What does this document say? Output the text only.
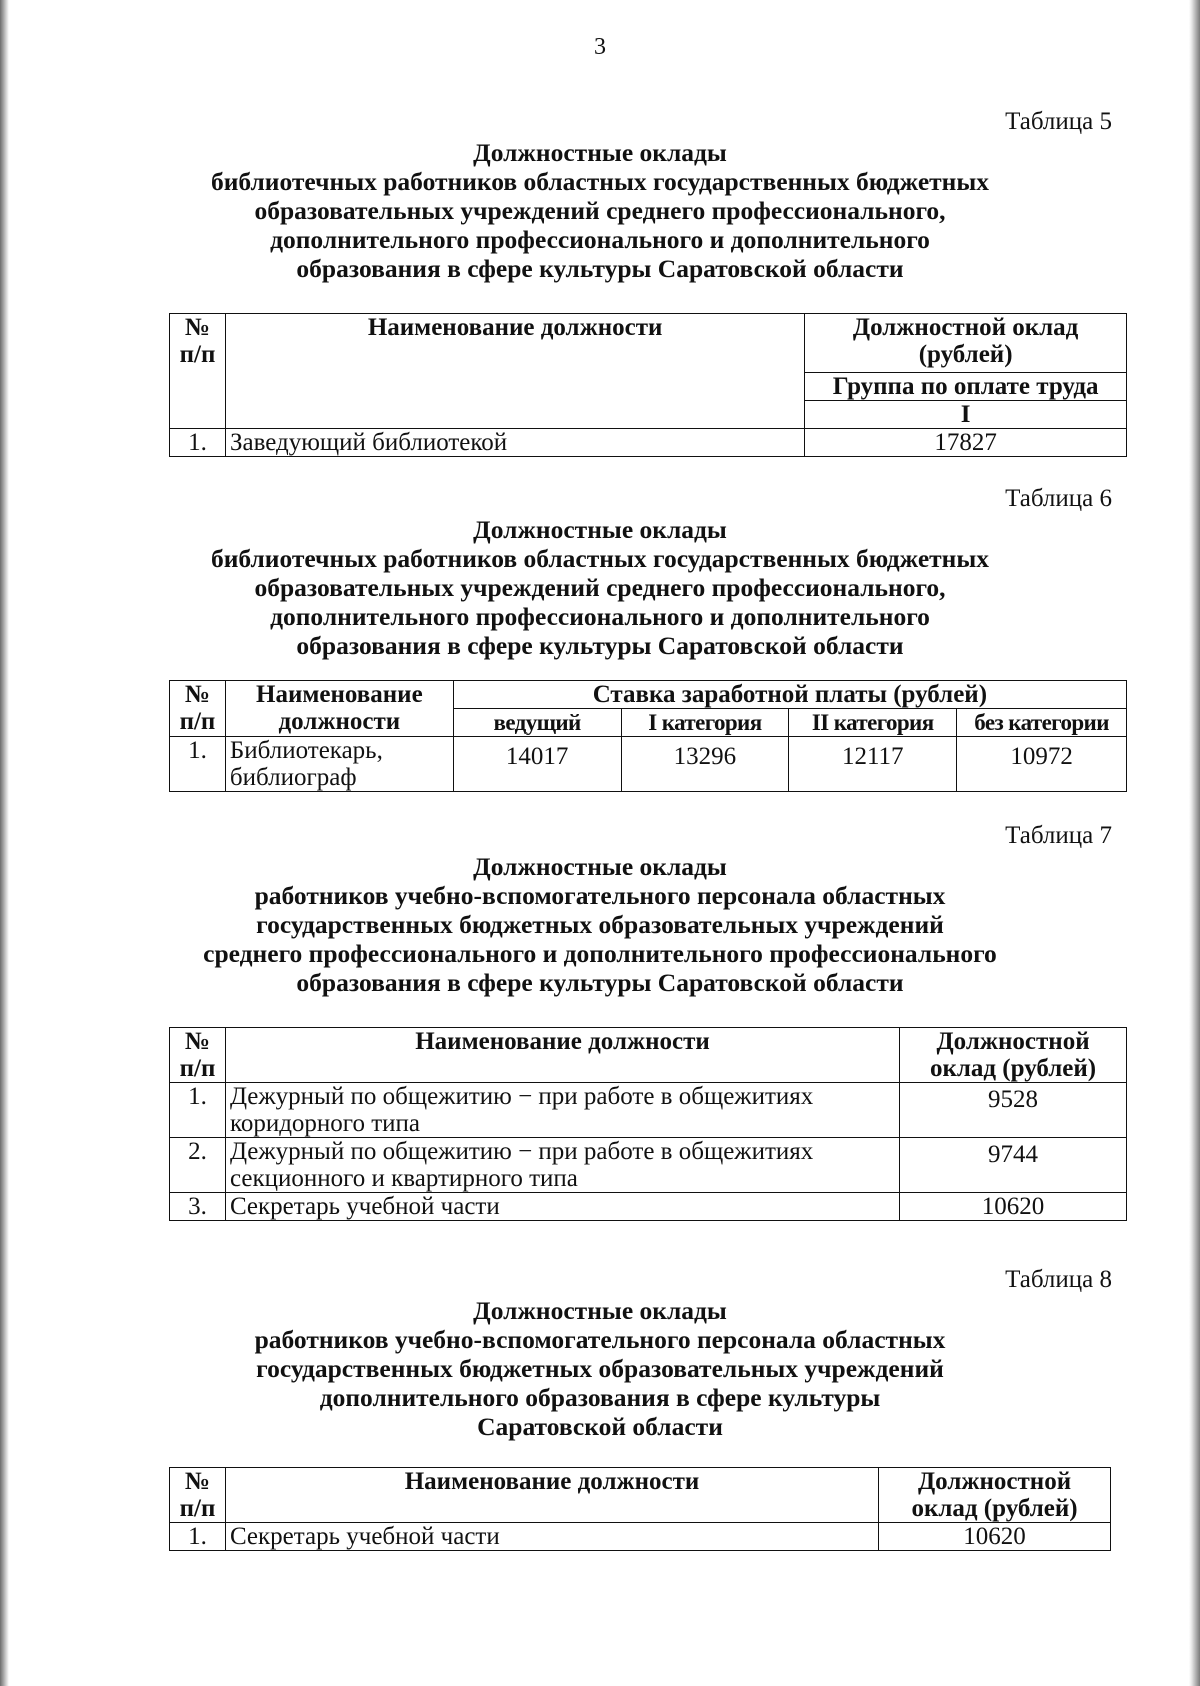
3
Таблица 5
Должностные оклады
библиотечных работников областных государственных бюджетных
образовательных учреждений среднего профессионального,
дополнительного профессионального и дополнительного
образования в сфере культуры Саратовской области
№ п/п	Наименование должности	Должностной оклад (рублей)
		Группа по оплате труда
		I
1.	Заведующий библиотекой	17827
Таблица 6
Должностные оклады
библиотечных работников областных государственных бюджетных
образовательных учреждений среднего профессионального,
дополнительного профессионального и дополнительного
образования в сфере культуры Саратовской области
№ п/п	Наименование должности	Ставка заработной платы (рублей)			
		ведущий	I категория	II категория	без категории
1.	Библиотекарь, библиограф	14017	13296	12117	10972
Таблица 7
Должностные оклады
работников учебно-вспомогательного персонала областных
государственных бюджетных образовательных учреждений
среднего профессионального и дополнительного профессионального
образования в сфере культуры Саратовской области
№ п/п	Наименование должности	Должностной оклад (рублей)
1.	Дежурный по общежитию − при работе в общежитиях коридорного типа	9528
2.	Дежурный по общежитию − при работе в общежитиях секционного и квартирного типа	9744
3.	Секретарь учебной части	10620
Таблица 8
Должностные оклады
работников учебно-вспомогательного персонала областных
государственных бюджетных образовательных учреждений
дополнительного образования в сфере культуры
Саратовской области
№ п/п	Наименование должности	Должностной оклад (рублей)
1.	Секретарь учебной части	10620
